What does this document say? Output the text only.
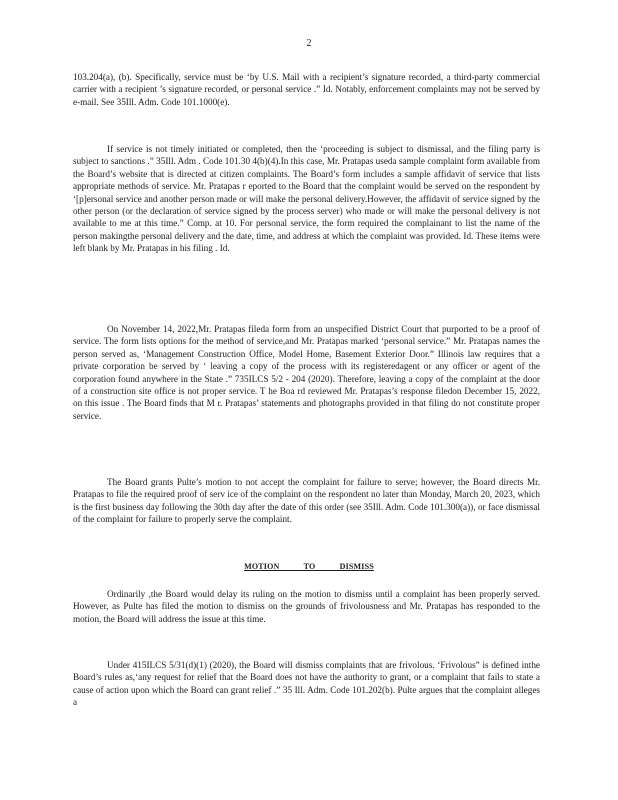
2

103.204(a), (b). Specifically, service must be ‘by U.S. Mail with a recipient’s signature recorded, a third-party commercial carrier with a recipient ’s signature recorded, or personal service .” Id. Notably, enforcement complaints may not be served by e-mail. See 35Ill. Adm. Code 101.1000(e).

If service is not timely initiated or completed, then the ‘proceeding is subject to dismissal, and the filing party is subject to sanctions .” 35Ill. Adm . Code 101.30 4(b)(4).In this case, Mr. Pratapas useda sample complaint form available from the Board’s website that is directed at citizen complaints. The Board’s form includes a sample affidavit of service that lists appropriate methods of service. Mr. Pratapas r eported to the Board that the complaint would be served on the respondent by ‘[p]ersonal service and another person made or will make the personal delivery.However, the affidavit of service signed by the other person (or the declaration of service signed by the process server) who made or will make the personal delivery is not available to me at this time.” Comp. at 10. For personal service, the form required the complainant to list the name of the person makingthe personal delivery and the date, time, and address at which the complaint was provided. Id. These items were left blank by Mr. Pratapas in his filing . Id.

On November 14, 2022,Mr. Pratapas fileda form from an unspecified District Court that purported to be a proof of service. The form lists options for the method of service,and Mr. Pratapas marked ‘personal service.” Mr. Pratapas names the person served as, ‘Management Construction Office, Model Home, Basement Exterior Door.” Illinois law requires that a private corporation be served by ‘ leaving a copy of the process with its registeredagent or any officer or agent of the corporation found anywhere in the State .” 735ILCS 5/2 - 204 (2020). Therefore, leaving a copy of the complaint at the door of a construction site office is not proper service. T he Boa rd reviewed Mr. Pratapas’s response filedon December 15, 2022, on this issue . The Board finds that M r. Pratapas’ statements and photographs provided in that filing do not constitute proper service.

The Board grants Pulte’s motion to not accept the complaint for failure to serve; however, the Board directs Mr. Pratapas to file the required proof of serv ice of the complaint on the respondent no later than Monday, March 20, 2023, which is the first business day following the 30th day after the date of this order (see 35Ill. Adm. Code 101.300(a)), or face dismissal of the complaint for failure to properly serve the complaint.

MOTION TO DISMISS

Ordinarily ,the Board would delay its ruling on the motion to dismiss until a complaint has been properly served. However, as Pulte has filed the motion to dismiss on the grounds of frivolousness and Mr. Pratapas has responded to the motion, the Board will address the issue at this time.

Under 415ILCS 5/31(d)(1) (2020), the Board will dismiss complaints that are frivolous. ‘Frivolous” is defined inthe Board’s rules as,‘any request for relief that the Board does not have the authority to grant, or a complaint that fails to state a cause of action upon which the Board can grant relief .” 35 Ill. Adm. Code 101.202(b). Pulte argues that the complaint alleges a
